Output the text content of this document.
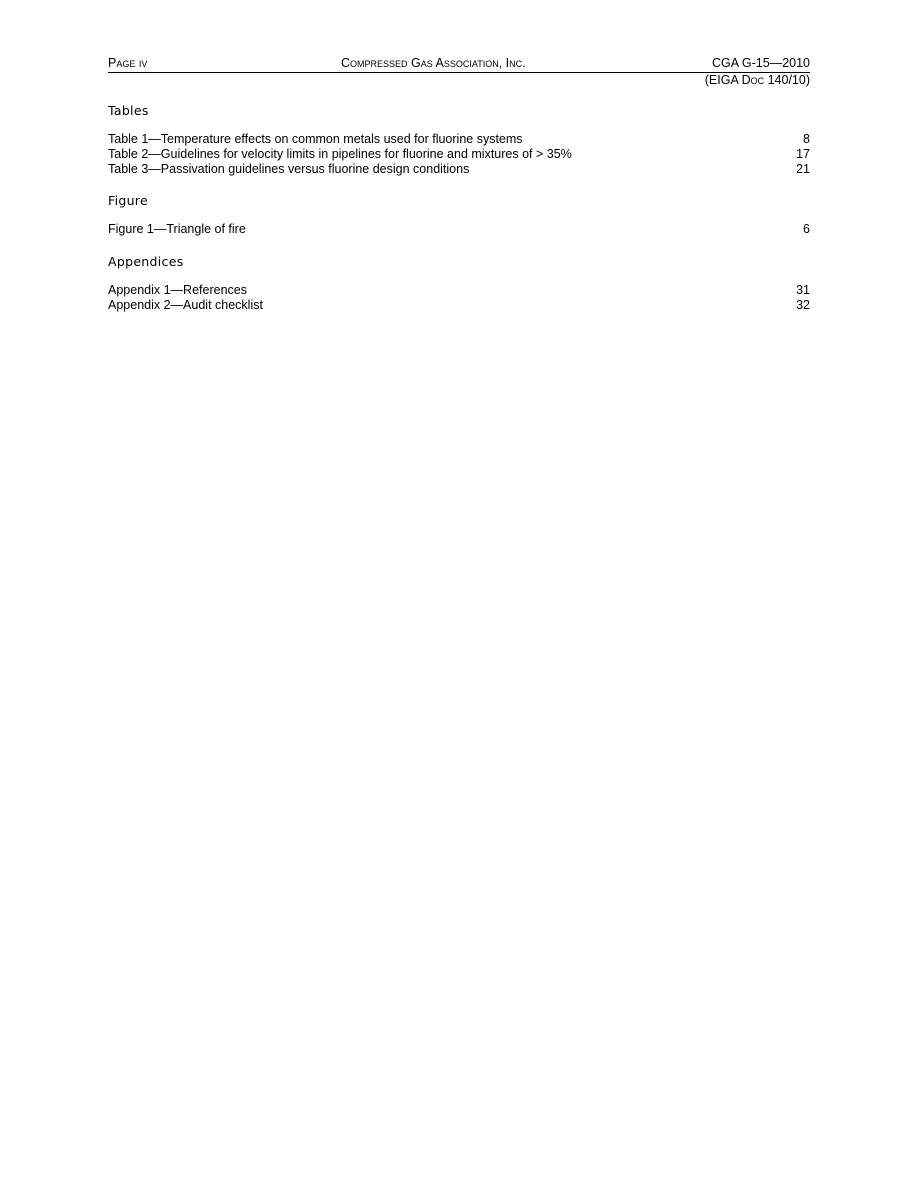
Page iv	Compressed Gas Association, Inc.	CGA G-15—2010
(EIGA Doc 140/10)
Tables
Table 1—Temperature effects on common metals used for fluorine systems	8
Table 2—Guidelines for velocity limits in pipelines for fluorine and mixtures of > 35%	17
Table 3—Passivation guidelines versus fluorine design conditions	21
Figure
Figure 1—Triangle of fire	6
Appendices
Appendix 1—References	31
Appendix 2—Audit checklist	32
